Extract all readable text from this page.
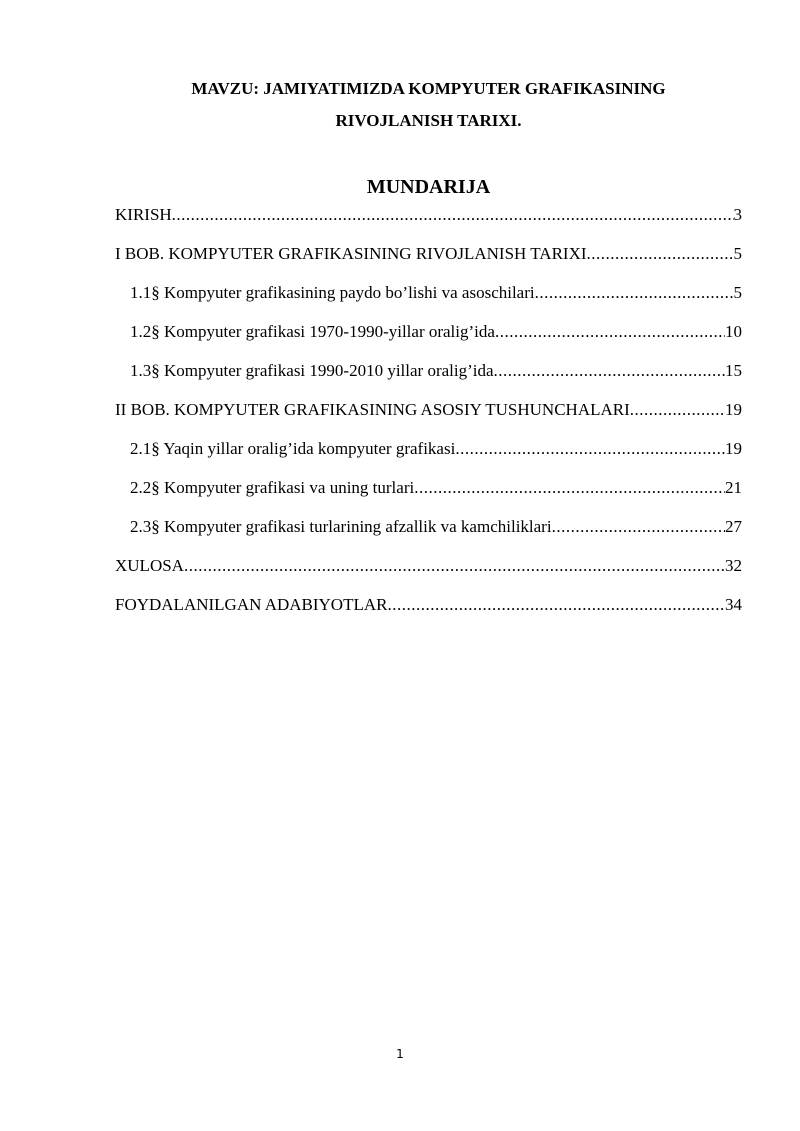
MAVZU: JAMIYATIMIZDA KOMPYUTER GRAFIKASINING
RIVOJLANISH TARIXI.
MUNDARIJA
KIRISH .....	3
I BOB. KOMPYUTER GRAFIKASINING RIVOJLANISH TARIXI .....	5
1.1§ Kompyuter grafikasining paydo bo’lishi va asoschilari .....	5
1.2§ Kompyuter grafikasi 1970-1990-yillar oralig’ida .....	10
1.3§ Kompyuter grafikasi 1990-2010 yillar oralig’ida .....	15
II BOB. KOMPYUTER GRAFIKASINING ASOSIY TUSHUNCHALARI .....	19
2.1§ Yaqin yillar oralig’ida kompyuter grafikasi .....	19
2.2§ Kompyuter grafikasi va uning turlari .....	21
2.3§ Kompyuter grafikasi turlarining afzallik va kamchiliklari .....	27
XULOSA .....	32
FOYDALANILGAN ADABIYOTLAR .....	34
1
